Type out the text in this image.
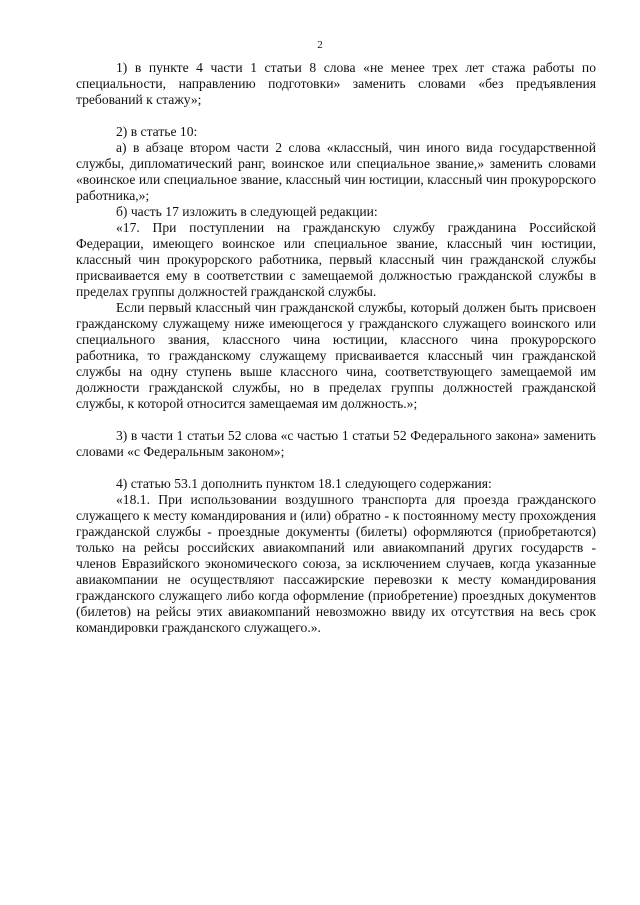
2

1) в пункте 4 части 1 статьи 8 слова «не менее трех лет стажа работы по специальности, направлению подготовки» заменить словами «без предъявления требований к стажу»;

2) в статье 10:

а) в абзаце втором части 2 слова «классный, чин иного вида государственной службы, дипломатический ранг, воинское или специальное звание,» заменить словами «воинское или специальное звание, классный чин юстиции, классный чин прокурорского работника,»;

б) часть 17 изложить в следующей редакции:

«17. При поступлении на гражданскую службу гражданина Российской Федерации, имеющего воинское или специальное звание, классный чин юстиции, классный чин прокурорского работника, первый классный чин гражданской службы присваивается ему в соответствии с замещаемой должностью гражданской службы в пределах группы должностей гражданской службы.

Если первый классный чин гражданской службы, который должен быть присвоен гражданскому служащему ниже имеющегося у гражданского служащего воинского или специального звания, классного чина юстиции, классного чина прокурорского работника, то гражданскому служащему присваивается классный чин гражданской службы на одну ступень выше классного чина, соответствующего замещаемой им должности гражданской службы, но в пределах группы должностей гражданской службы, к которой относится замещаемая им должность.»;

3) в части 1 статьи 52 слова «с частью 1 статьи 52 Федерального закона» заменить словами «с Федеральным законом»;

4) статью 53.1 дополнить пунктом 18.1 следующего содержания:

«18.1. При использовании воздушного транспорта для проезда гражданского служащего к месту командирования и (или) обратно - к постоянному месту прохождения гражданской службы - проездные документы (билеты) оформляются (приобретаются) только на рейсы российских авиакомпаний или авиакомпаний других государств - членов Евразийского экономического союза, за исключением случаев, когда указанные авиакомпании не осуществляют пассажирские перевозки к месту командирования гражданского служащего либо когда оформление (приобретение) проездных документов (билетов) на рейсы этих авиакомпаний невозможно ввиду их отсутствия на весь срок командировки гражданского служащего.».
